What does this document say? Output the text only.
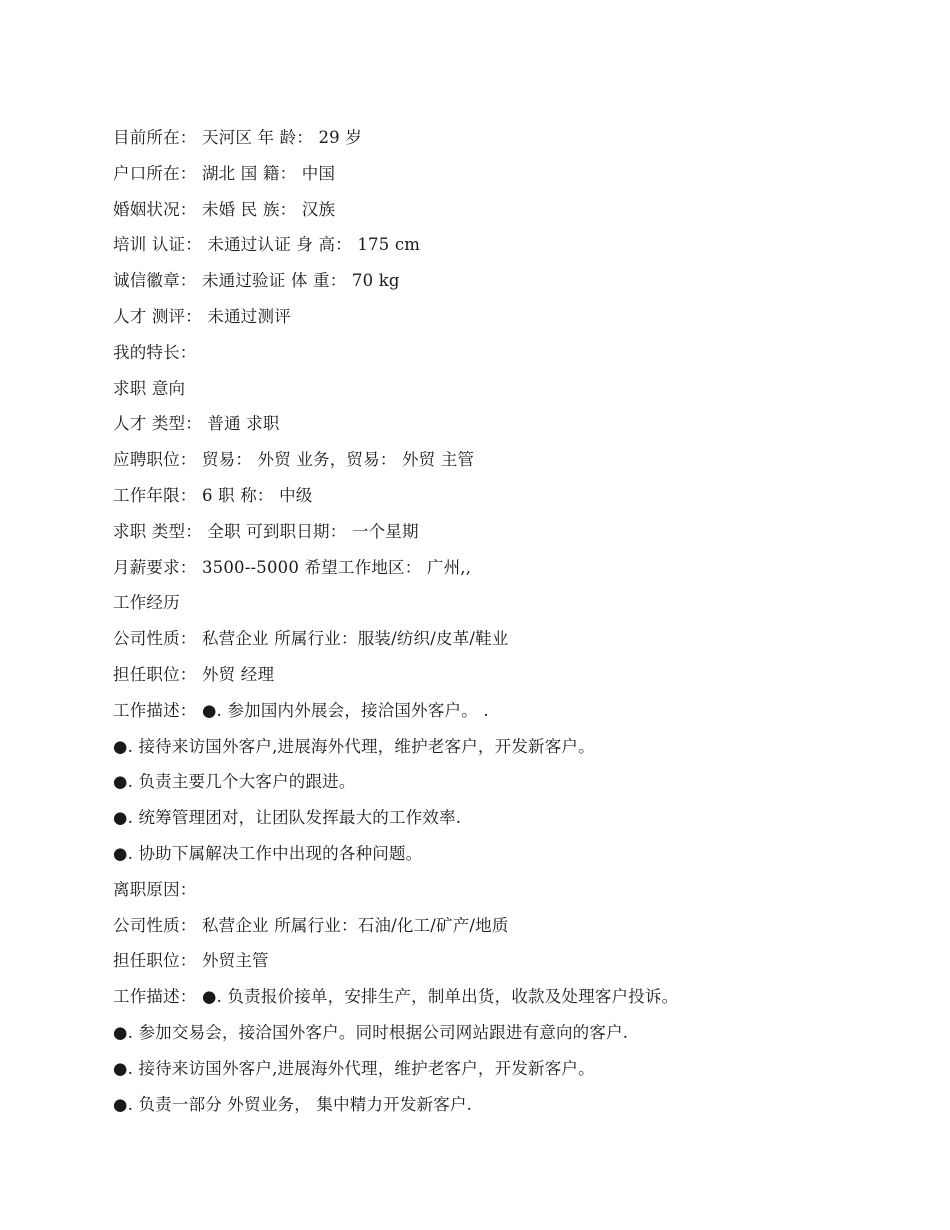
目前所在： 天河区 年 龄： 29 岁
户口所在： 湖北 国 籍： 中国
婚姻状况： 未婚 民 族： 汉族
培训 认证： 未通过认证 身 高： 175 cm
诚信徽章： 未通过验证 体 重： 70 kg
人才 测评： 未通过测评
我的特长：
求职 意向
人才 类型： 普通 求职
应聘职位： 贸易： 外贸 业务，贸易： 外贸 主管
工作年限： 6 职 称： 中级
求职 类型： 全职 可到职日期： 一个星期
月薪要求： 3500--5000 希望工作地区： 广州,,
工作经历
公司性质： 私营企业 所属行业：服装/纺织/皮革/鞋业
担任职位： 外贸 经理
工作描述： ●. 参加国内外展会，接洽国外客户。 .
●. 接待来访国外客户,进展海外代理，维护老客户，开发新客户。
●. 负责主要几个大客户的跟进。
●. 统筹管理团对，让团队发挥最大的工作效率.
●. 协助下属解决工作中出现的各种问题。
离职原因：
公司性质： 私营企业 所属行业：石油/化工/矿产/地质
担任职位： 外贸主管
工作描述： ●. 负责报价接单，安排生产，制单出货，收款及处理客户投诉。
●. 参加交易会，接洽国外客户。同时根据公司网站跟进有意向的客户.
●. 接待来访国外客户,进展海外代理，维护老客户，开发新客户。
●. 负责一部分 外贸业务， 集中精力开发新客户.
